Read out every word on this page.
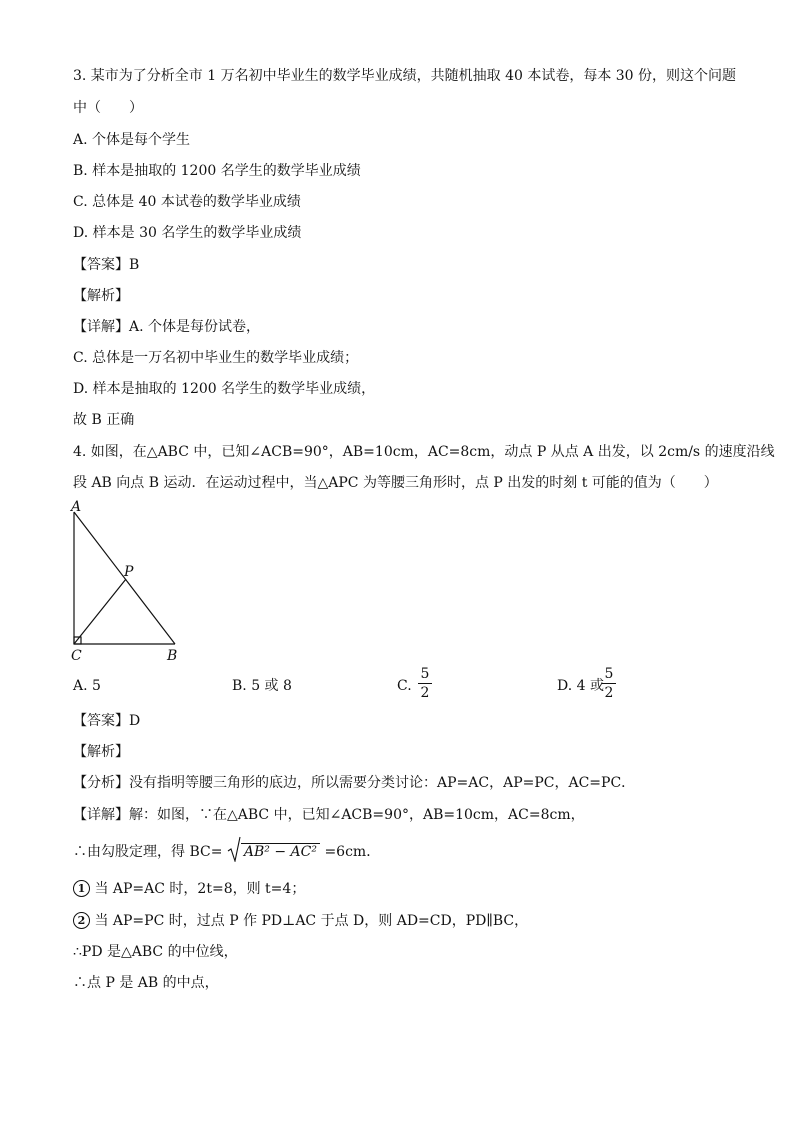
3. 某市为了分析全市 1 万名初中毕业生的数学毕业成绩，共随机抽取 40 本试卷，每本 30 份，则这个问题
中（　　）
A. 个体是每个学生
B. 样本是抽取的 1200 名学生的数学毕业成绩
C. 总体是 40 本试卷的数学毕业成绩
D. 样本是 30 名学生的数学毕业成绩
【答案】B
【解析】
【详解】A. 个体是每份试卷，
C. 总体是一万名初中毕业生的数学毕业成绩；
D. 样本是抽取的 1200 名学生的数学毕业成绩，
故 B 正确
4. 如图，在△ABC 中，已知∠ACB=90°，AB=10cm，AC=8cm，动点 P 从点 A 出发，以 2cm/s 的速度沿线
段 AB 向点 B 运动．在运动过程中，当△APC 为等腰三角形时，点 P 出发的时刻 t 可能的值为（　　）
A
P
C	B
A. 5	B. 5 或 8	C.
5
2	D. 4 或
5
2
【答案】D
【解析】
【分析】没有指明等腰三角形的底边，所以需要分类讨论：AP=AC，AP=PC，AC=PC．
【详解】解：如图，∵在△ABC 中，已知∠ACB=90°，AB=10cm，AC=8cm，
∴由勾股定理，得 BC= AB² − AC² =6cm．
1 当 AP=AC 时，2t=8，则 t=4；
2 当 AP=PC 时，过点 P 作 PD⊥AC 于点 D，则 AD=CD，PD∥BC，
∴PD 是△ABC 的中位线，
∴点 P 是 AB 的中点，
